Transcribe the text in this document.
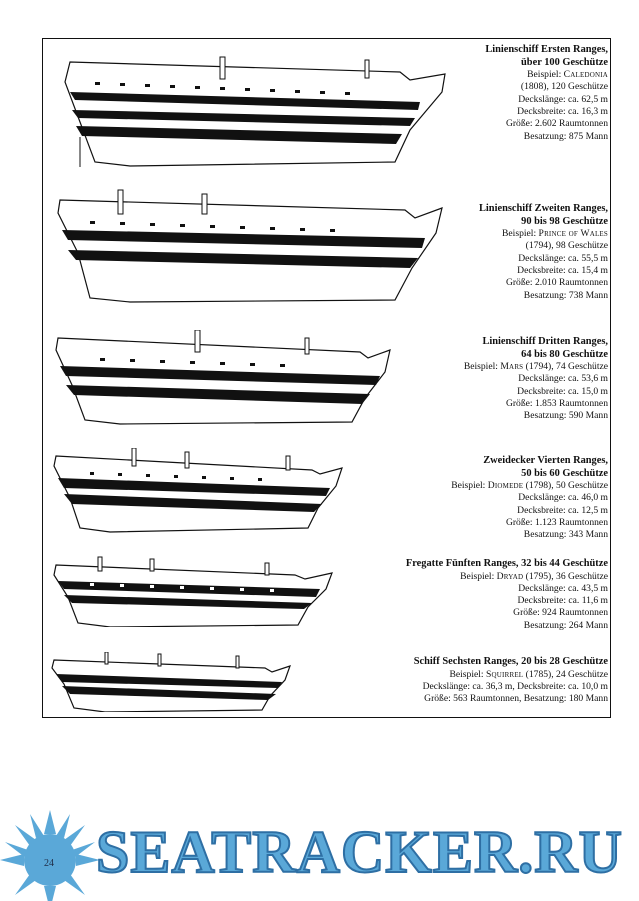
Linienschiff Ersten Ranges,
über 100 Geschütze
Beispiel: Caledonia
(1808), 120 Geschütze
Deckslänge: ca. 62,5 m
Decksbreite: ca. 16,3 m
Größe: 2.602 Raumtonnen
Besatzung: 875 Mann
Linienschiff Zweiten Ranges,
90 bis 98 Geschütze
Beispiel: Prince of Wales
(1794), 98 Geschütze
Deckslänge: ca. 55,5 m
Decksbreite: ca. 15,4 m
Größe: 2.010 Raumtonnen
Besatzung: 738 Mann
Linienschiff Dritten Ranges,
64 bis 80 Geschütze
Beispiel: Mars (1794), 74 Geschütze
Deckslänge: ca. 53,6 m
Decksbreite: ca. 15,0 m
Größe: 1.853 Raumtonnen
Besatzung: 590 Mann
Zweidecker Vierten Ranges,
50 bis 60 Geschütze
Beispiel: Diomede (1798), 50 Geschütze
Deckslänge: ca. 46,0 m
Decksbreite: ca. 12,5 m
Größe: 1.123 Raumtonnen
Besatzung: 343 Mann
Fregatte Fünften Ranges, 32 bis 44 Geschütze
Beispiel: Dryad (1795), 36 Geschütze
Deckslänge: ca. 43,5 m
Decksbreite: ca. 11,6 m
Größe: 924 Raumtonnen
Besatzung: 264 Mann
Schiff Sechsten Ranges, 20 bis 28 Geschütze
Beispiel: Squirrel (1785), 24 Geschütze
Deckslänge: ca. 36,3 m, Decksbreite: ca. 10,0 m
Größe: 563 Raumtonnen, Besatzung: 180 Mann
24 SEATRACKER.RU
